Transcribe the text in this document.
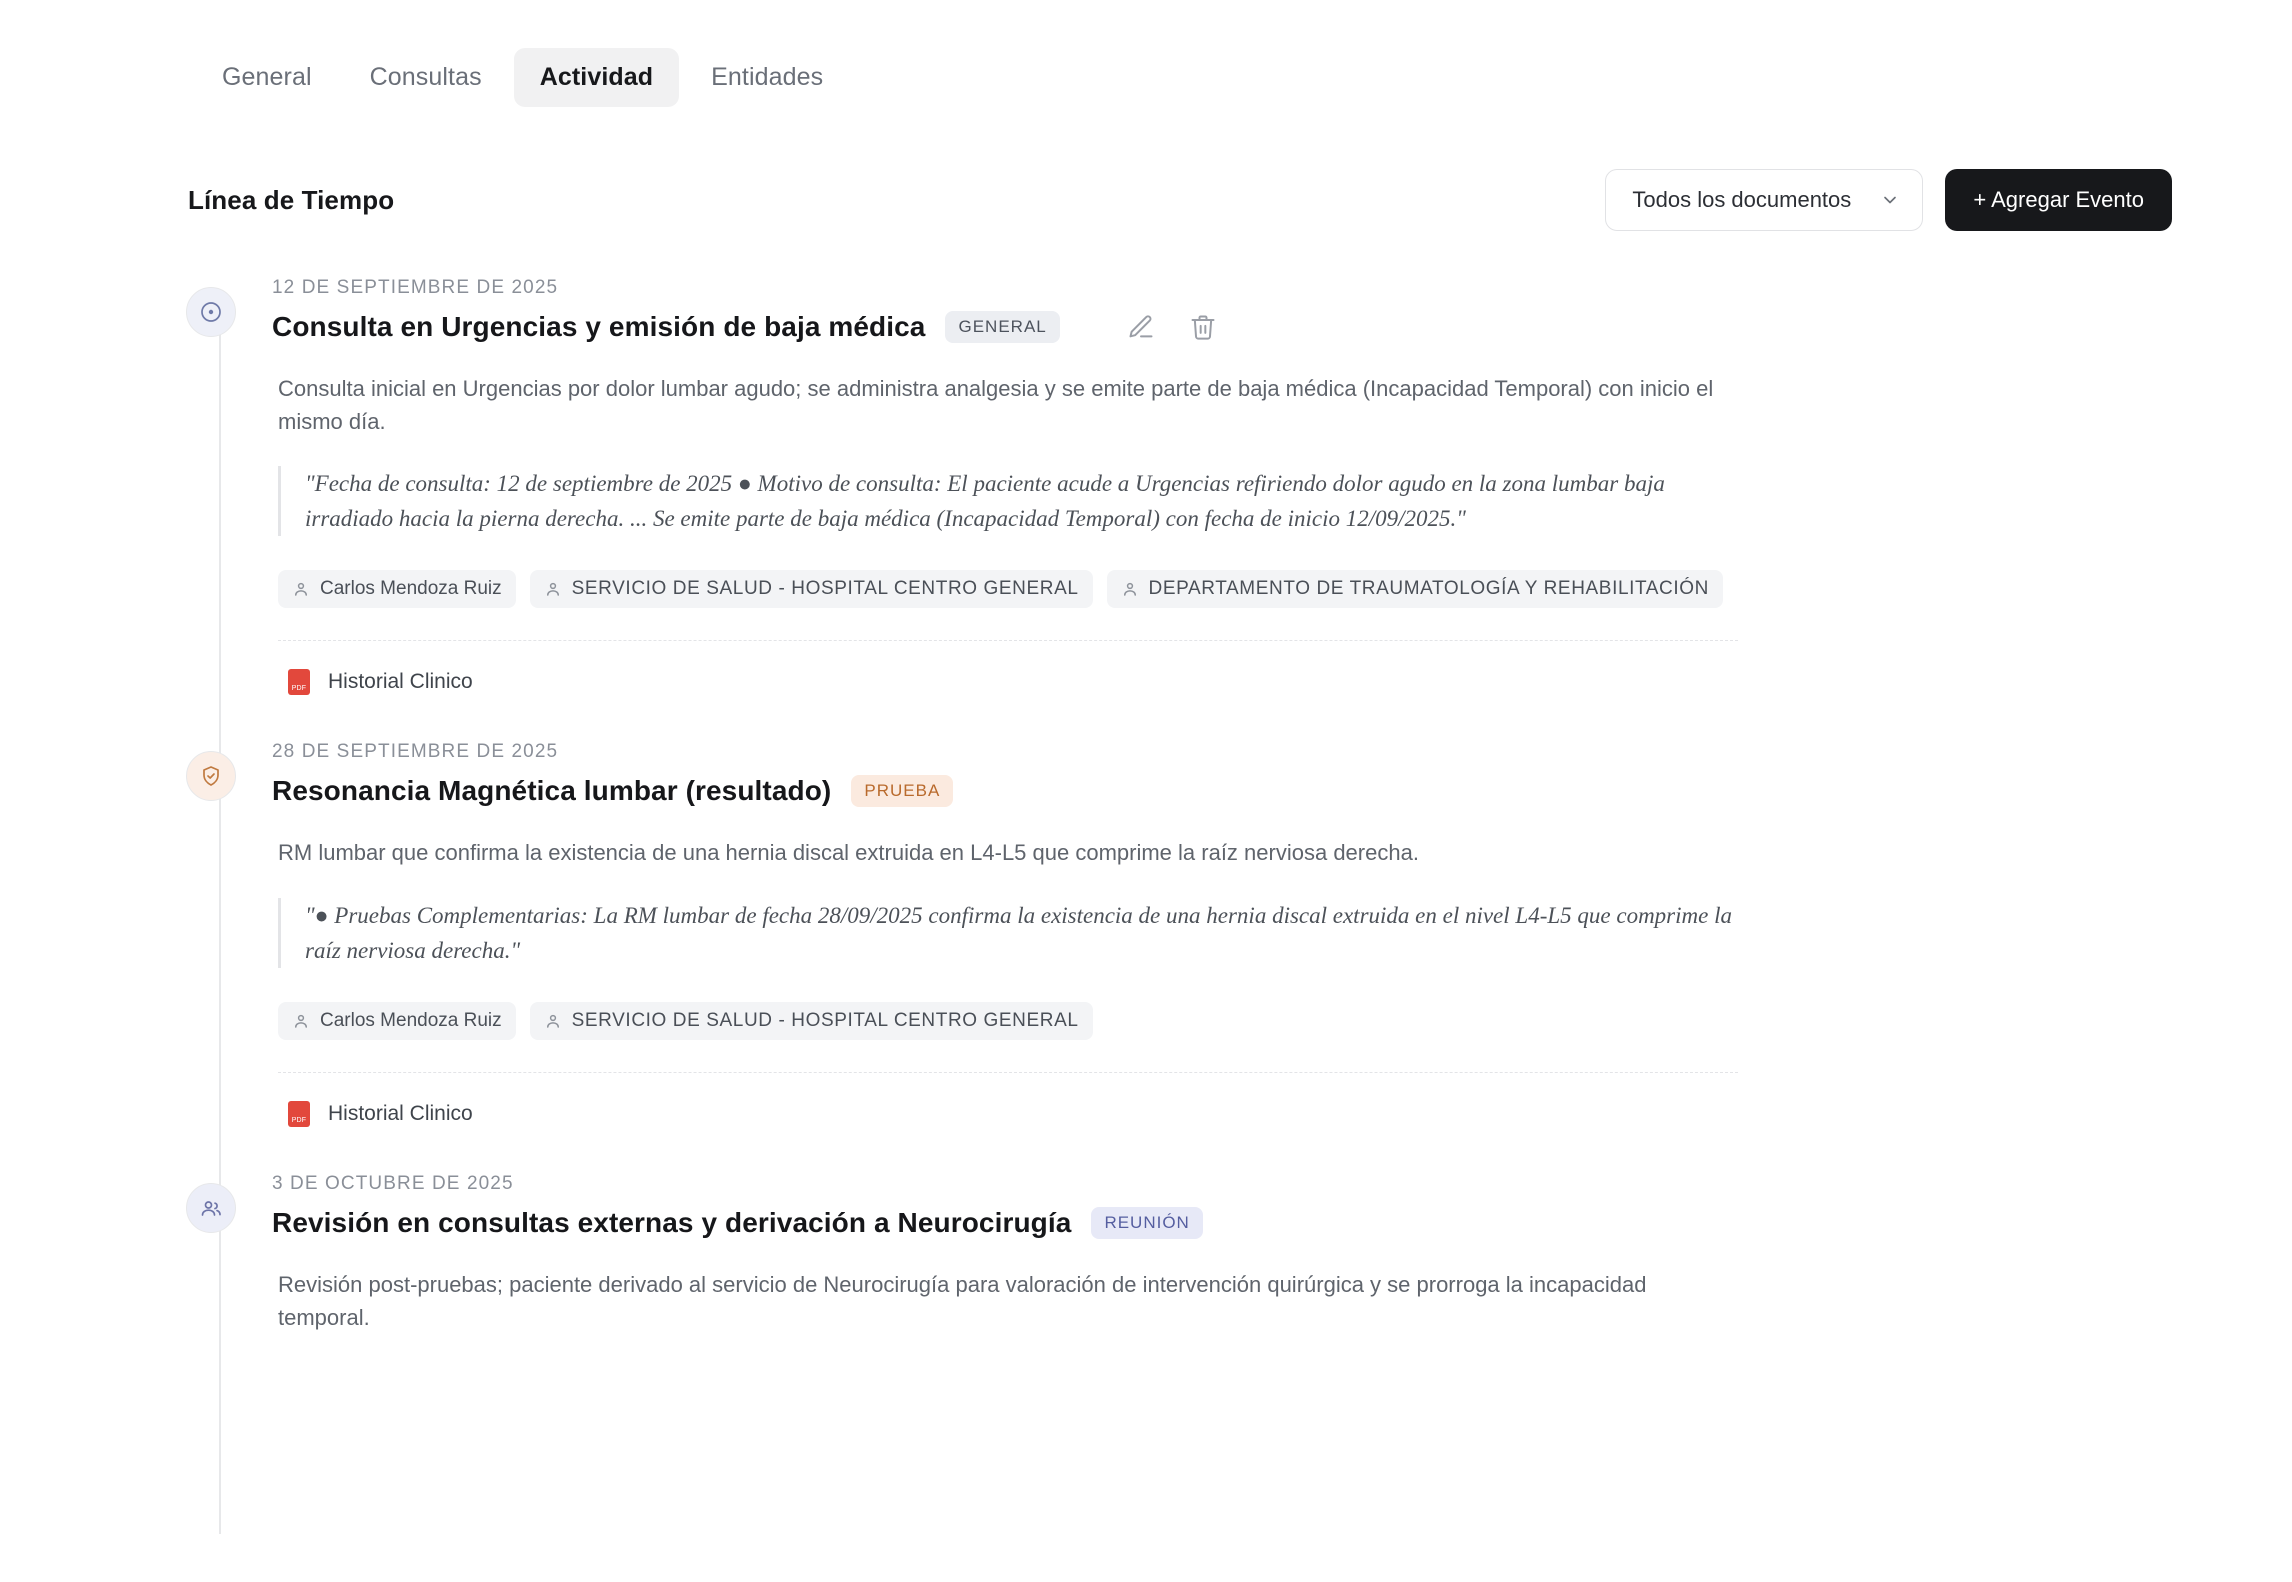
General	Consultas	Actividad	Entidades
Línea de Tiempo	Todos los documentos	+ Agregar Evento
12 DE SEPTIEMBRE DE 2025
Consulta en Urgencias y emisión de baja médica	GENERAL
Consulta inicial en Urgencias por dolor lumbar agudo; se administra analgesia y se emite parte de baja médica (Incapacidad Temporal) con inicio el mismo día.
"Fecha de consulta: 12 de septiembre de 2025 ● Motivo de consulta: El paciente acude a Urgencias refiriendo dolor agudo en la zona lumbar baja irradiado hacia la pierna derecha. ... Se emite parte de baja médica (Incapacidad Temporal) con fecha de inicio 12/09/2025."
Carlos Mendoza Ruiz	SERVICIO DE SALUD - HOSPITAL CENTRO GENERAL	DEPARTAMENTO DE TRAUMATOLOGÍA Y REHABILITACIÓN
PDF
Historial Clinico
28 DE SEPTIEMBRE DE 2025
Resonancia Magnética lumbar (resultado)	PRUEBA
RM lumbar que confirma la existencia de una hernia discal extruida en L4-L5 que comprime la raíz nerviosa derecha.
"● Pruebas Complementarias: La RM lumbar de fecha 28/09/2025 confirma la existencia de una hernia discal extruida en el nivel L4-L5 que comprime la raíz nerviosa derecha."
Carlos Mendoza Ruiz	SERVICIO DE SALUD - HOSPITAL CENTRO GENERAL
PDF
Historial Clinico
3 DE OCTUBRE DE 2025
Revisión en consultas externas y derivación a Neurocirugía	REUNIÓN
Revisión post-pruebas; paciente derivado al servicio de Neurocirugía para valoración de intervención quirúrgica y se prorroga la incapacidad temporal.
